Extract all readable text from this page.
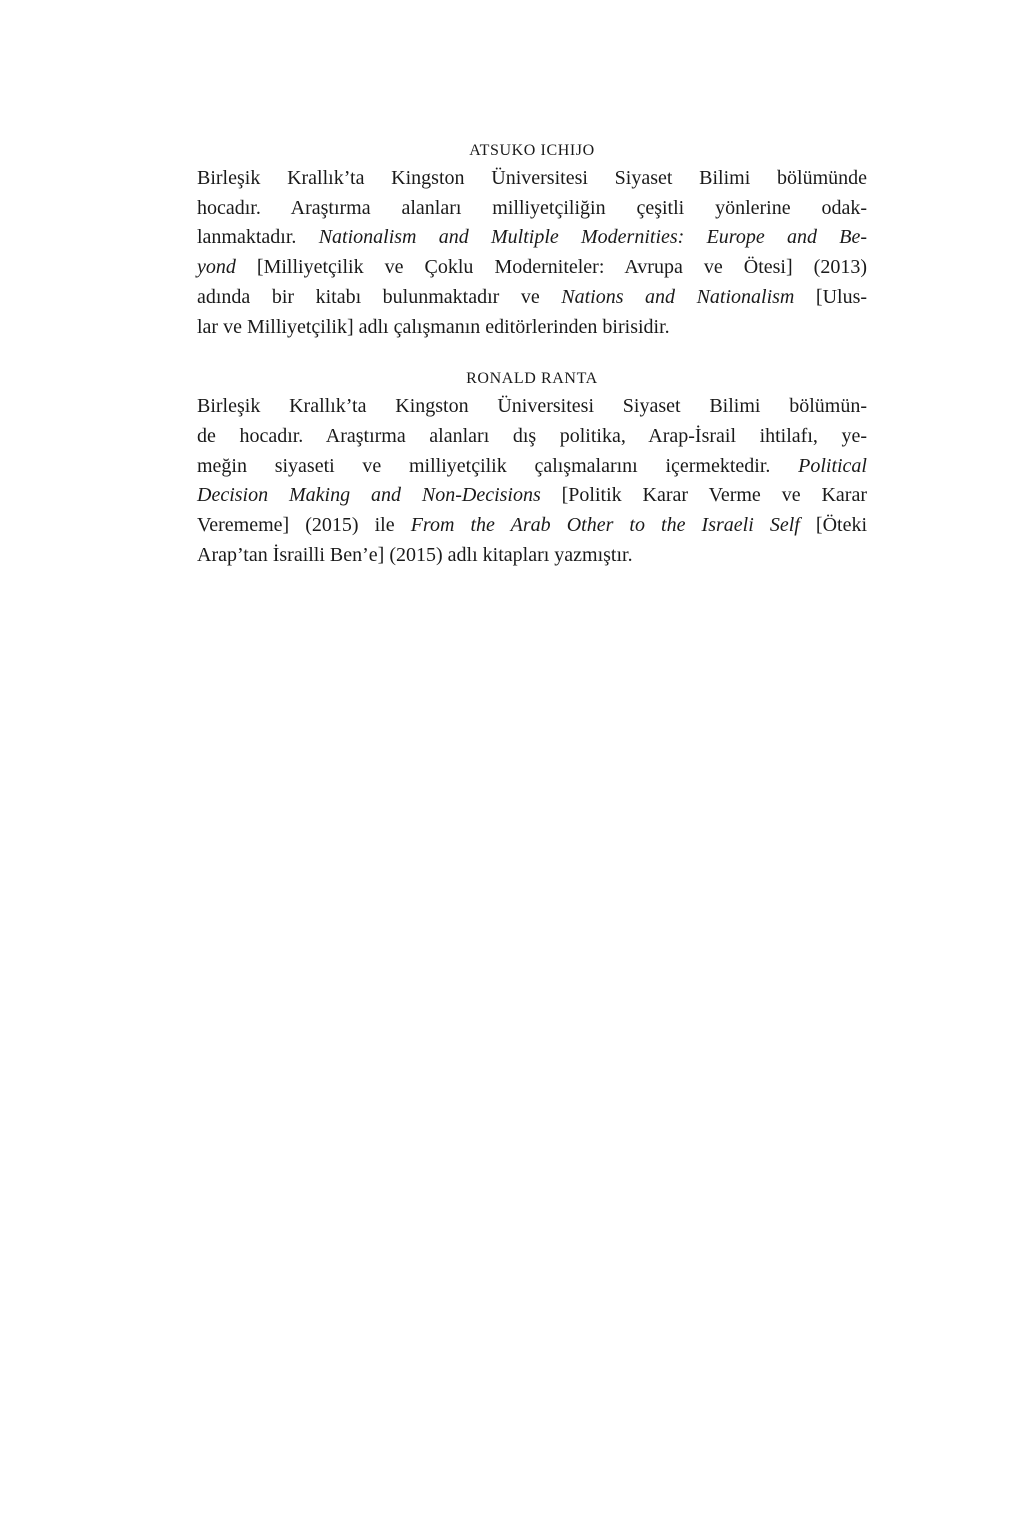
ATSUKO ICHIJO

Birleşik Krallık’ta Kingston Üniversitesi Siyaset Bilimi bölümünde
hocadır. Araştırma alanları milliyetçiliğin çeşitli yönlerine odak-
lanmaktadır. Nationalism and Multiple Modernities: Europe and Be-
yond [Milliyetçilik ve Çoklu Moderniteler: Avrupa ve Ötesi] (2013)
adında bir kitabı bulunmaktadır ve Nations and Nationalism [Ulus-
lar ve Milliyetçilik] adlı çalışmanın editörlerinden birisidir.

RONALD RANTA

Birleşik Krallık’ta Kingston Üniversitesi Siyaset Bilimi bölümün-
de hocadır. Araştırma alanları dış politika, Arap-İsrail ihtilafı, ye-
meğin siyaseti ve milliyetçilik çalışmalarını içermektedir. Political
Decision Making and Non-Decisions [Politik Karar Verme ve Karar
Verememe] (2015) ile From the Arab Other to the Israeli Self [Öteki
Arap’tan İsrailli Ben’e] (2015) adlı kitapları yazmıştır.
